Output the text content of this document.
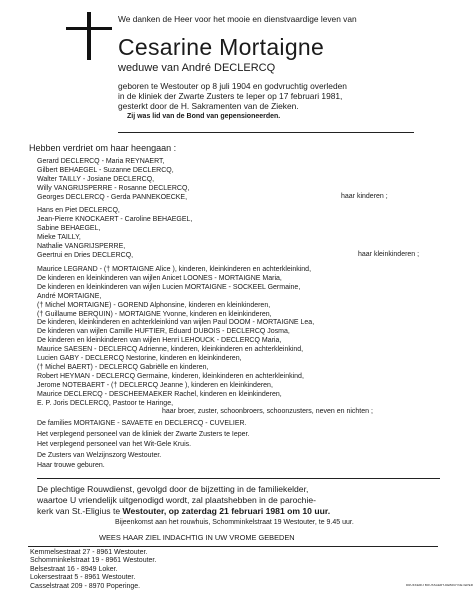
We danken de Heer voor het mooie en dienstvaardige leven van
Cesarine Mortaigne
weduwe van André DECLERCQ
geboren te Westouter op 8 juli 1904 en godvruchtig overleden
in de kliniek der Zwarte Zusters te Ieper op 17 februari 1981,
gesterkt door de H. Sakramenten van de Zieken.
Zij was lid van de Bond van gepensioneerden.
Hebben verdriet om haar heengaan :
Gerard DECLERCQ - Maria REYNAERT,
Gilbert BEHAEGEL - Suzanne DECLERCQ,
Walter TAILLY - Josiane DECLERCQ,
Willy VANGRIJSPERRE - Rosanne DECLERCQ,
Georges DECLERCQ - Gerda PANNEKOECKE,	haar kinderen ;
Hans en Piet DECLERCQ,
Jean-Pierre KNOCKAERT - Caroline BEHAEGEL,
Sabine BEHAEGEL,
Mieke TAILLY,
Nathalie VANGRIJSPERRE,
Geertrui en Dries DECLERCQ,	haar kleinkinderen ;
Maurice LEGRAND - († MORTAIGNE Alice ), kinderen, kleinkinderen en achterkleinkind,
De kinderen en kleinkinderen van wijlen Anicet LOONES - MORTAIGNE Maria,
De kinderen en kleinkinderen van wijlen Lucien MORTAIGNE - SOCKEEL Germaine,
André MORTAIGNE,
(† Michel MORTAIGNE) - GOREND Alphonsine, kinderen en kleinkinderen,
(† Guillaume BERQUIN) - MORTAIGNE Yvonne, kinderen en kleinkinderen,
De kinderen, kleinkinderen en achterkleinkind van wijlen Paul DOOM - MORTAIGNE Lea,
De kinderen van wijlen Camille HUFTIER, Eduard DUBOIS - DECLERCQ Josma,
De kinderen en kleinkinderen van wijlen Henri LEHOUCK - DECLERCQ Maria,
Maurice SAESEN - DECLERCQ Adrienne, kinderen, kleinkinderen en achterkleinkind,
Lucien GABY - DECLERCQ Nestorine, kinderen en kleinkinderen,
(† Michel BAERT) - DECLERCQ Gabriëlle en kinderen,
Robert HEYMAN - DECLERCQ Germaine, kinderen, kleinkinderen en achterkleinkind,
Jerome NOTEBAERT - († DECLERCQ Jeanne ), kinderen en kleinkinderen,
Maurice DECLERCQ - DESCHEEMAEKER Rachel, kinderen en kleinkinderen,
E. P. Joris DECLERCQ, Pastoor te Haringe,
haar broer, zuster, schoonbroers, schoonzusters, neven en nichten ;
De families MORTAIGNE - SAVAETE en DECLERCQ - CUVELIER.
Het verplegend personeel van de kliniek der Zwarte Zusters te Ieper.
Het verplegend personeel van het Wit-Gele Kruis.
De Zusters van Welzijnszorg Westouter.
Haar trouwe geburen.
De plechtige Rouwdienst, gevolgd door de bijzetting in de familiekelder,
waartoe U vriendelijk uitgenodigd wordt, zal plaatshebben in de parochie-
kerk van St.-Eligius te Westouter, op zaterdag 21 februari 1981 om 10 uur.
Bijeenkomst aan het rouwhuis, Schomminkelstraat 19 Westouter, te 9.45 uur.
WEES HAAR ZIEL INDACHTIG IN UW VROME GEBEDEN
Kemmelsestraat 27 - 8961 Westouter.
Schomminkelstraat 19 - 8961 Westouter.
Belsestraat 16 - 8949 Loker.
Lokersestraat 5 - 8961 Westouter.
Casselstraat 209 - 8970 Poperinge.	DRUKKERIJ BOUSSAERT-DEBRUYNE IEPER
